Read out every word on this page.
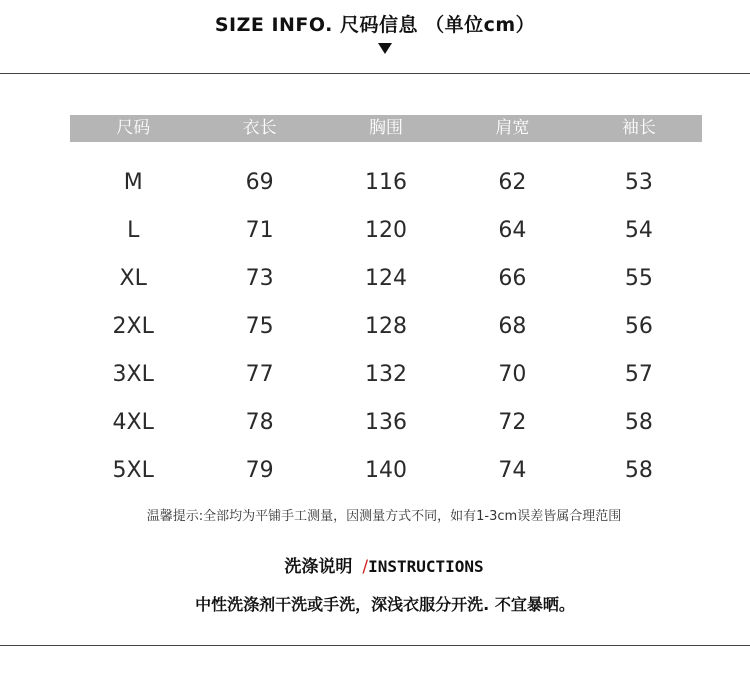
SIZE INFO. 尺码信息 （单位cm）
尺码	衣长	胸围	肩宽	袖长
M	69	116	62	53
L	71	120	64	54
XL	73	124	66	55
2XL	75	128	68	56
3XL	77	132	70	57
4XL	78	136	72	58
5XL	79	140	74	58
温馨提示:全部均为平铺手工测量，因测量方式不同，如有1-3cm误差皆属合理范围
洗涤说明 /INSTRUCTIONS
中性洗涤剂干洗或手洗，深浅衣服分开洗. 不宜暴晒。
